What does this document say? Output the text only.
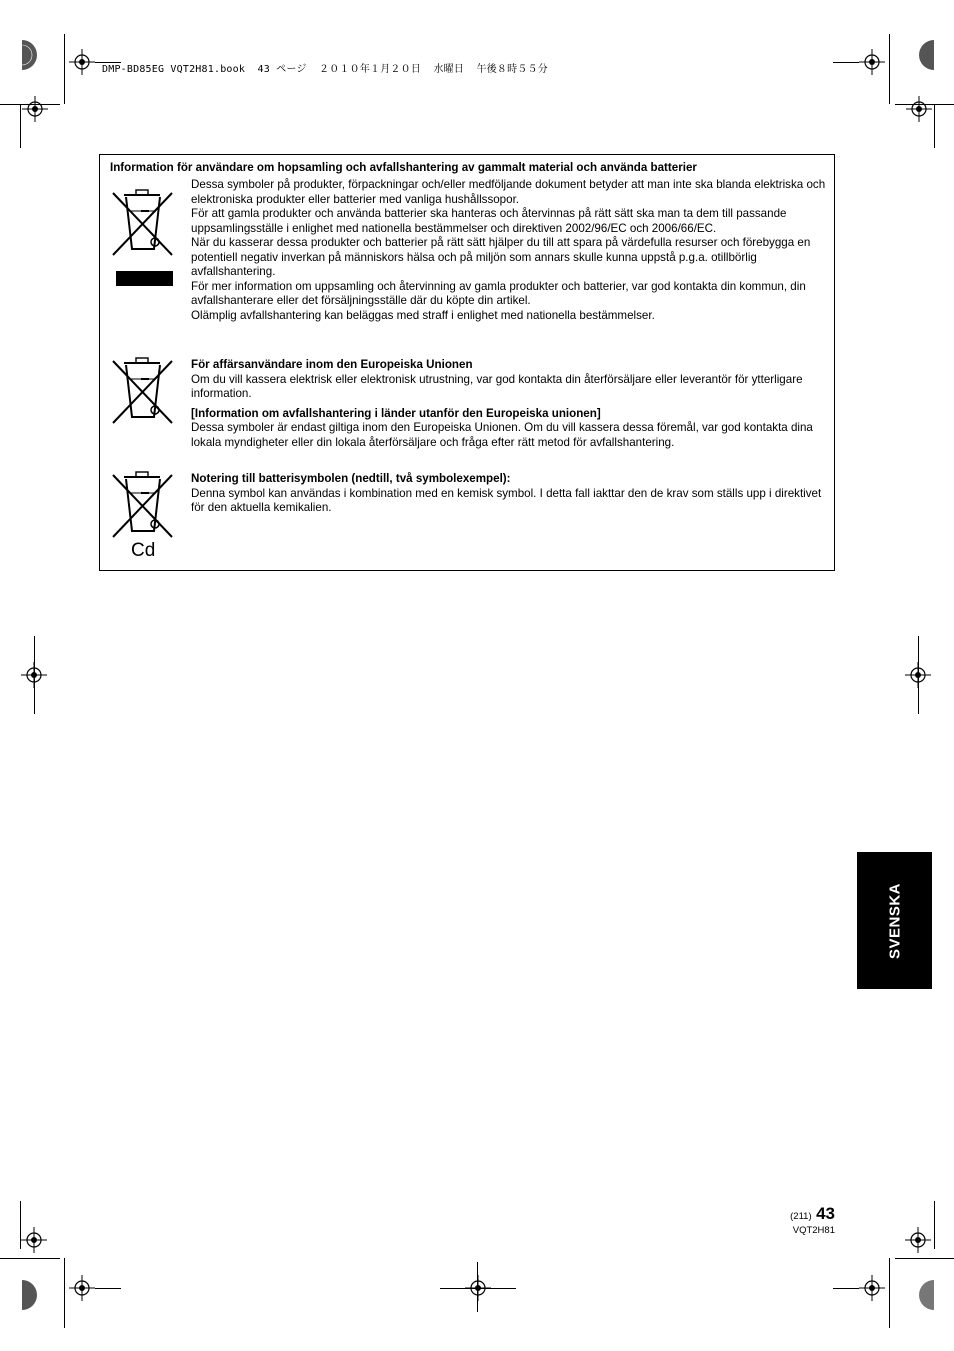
DMP-BD85EG VQT2H81.book  43 ページ  ２０１０年１月２０日  水曜日  午後８時５５分
Information för användare om hopsamling och avfallshantering av gammalt material och använda batterier

Dessa symboler på produkter, förpackningar och/eller medföljande dokument betyder att man inte ska blanda elektriska och elektroniska produkter eller batterier med vanliga hushållssopor.

För att gamla produkter och använda batterier ska hanteras och återvinnas på rätt sätt ska man ta dem till passande uppsamlingsställe i enlighet med nationella bestämmelser och direktiven 2002/96/EC och 2006/66/EC.

När du kasserar dessa produkter och batterier på rätt sätt hjälper du till att spara på värdefulla resurser och förebygga en potentiell negativ inverkan på människors hälsa och på miljön som annars skulle kunna uppstå p.g.a. otillbörlig avfallshantering.

För mer information om uppsamling och återvinning av gamla produkter och batterier, var god kontakta din kommun, din avfallshanterare eller det försäljningsställe där du köpte din artikel.

Olämplig avfallshantering kan beläggas med straff i enlighet med nationella bestämmelser.

För affärsanvändare inom den Europeiska Unionen

Om du vill kassera elektrisk eller elektronisk utrustning, var god kontakta din återförsäljare eller leverantör för ytterligare information.

[Information om avfallshantering i länder utanför den Europeiska unionen]

Dessa symboler är endast giltiga inom den Europeiska Unionen. Om du vill kassera dessa föremål, var god kontakta dina lokala myndigheter eller din lokala återförsäljare och fråga efter rätt metod för avfallshantering.

Cd

Notering till batterisymbolen (nedtill, två symbolexempel):

Denna symbol kan användas i kombination med en kemisk symbol. I detta fall iakttar den de krav som ställs upp i direktivet för den aktuella kemikalien.

SVENSKA
(211) 43
VQT2H81
